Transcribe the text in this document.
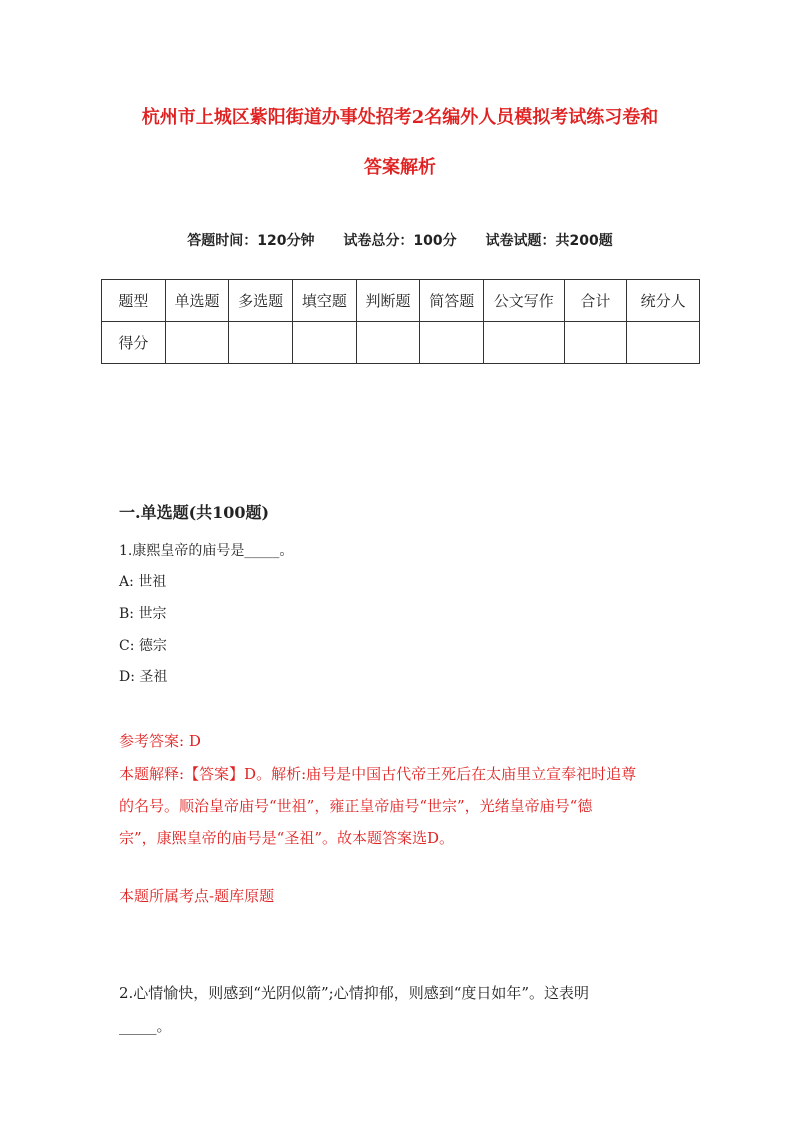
杭州市上城区紫阳街道办事处招考2名编外人员模拟考试练习卷和
答案解析
答题时间：120分钟 试卷总分：100分 试卷试题：共200题
题型	单选题	多选题	填空题	判断题	简答题	公文写作	合计	统分人
得分								
一.单选题(共100题)
1.康熙皇帝的庙号是_____。
A: 世祖
B: 世宗
C: 德宗
D: 圣祖
参考答案: D
本题解释:【答案】D。解析:庙号是中国古代帝王死后在太庙里立宣奉祀时追尊
的名号。顺治皇帝庙号“世祖”，雍正皇帝庙号“世宗”，光绪皇帝庙号“德
宗”，康熙皇帝的庙号是“圣祖”。故本题答案选D。
本题所属考点-题库原题
2.心情愉快，则感到“光阴似箭”;心情抑郁，则感到“度日如年”。这表明
_____。
